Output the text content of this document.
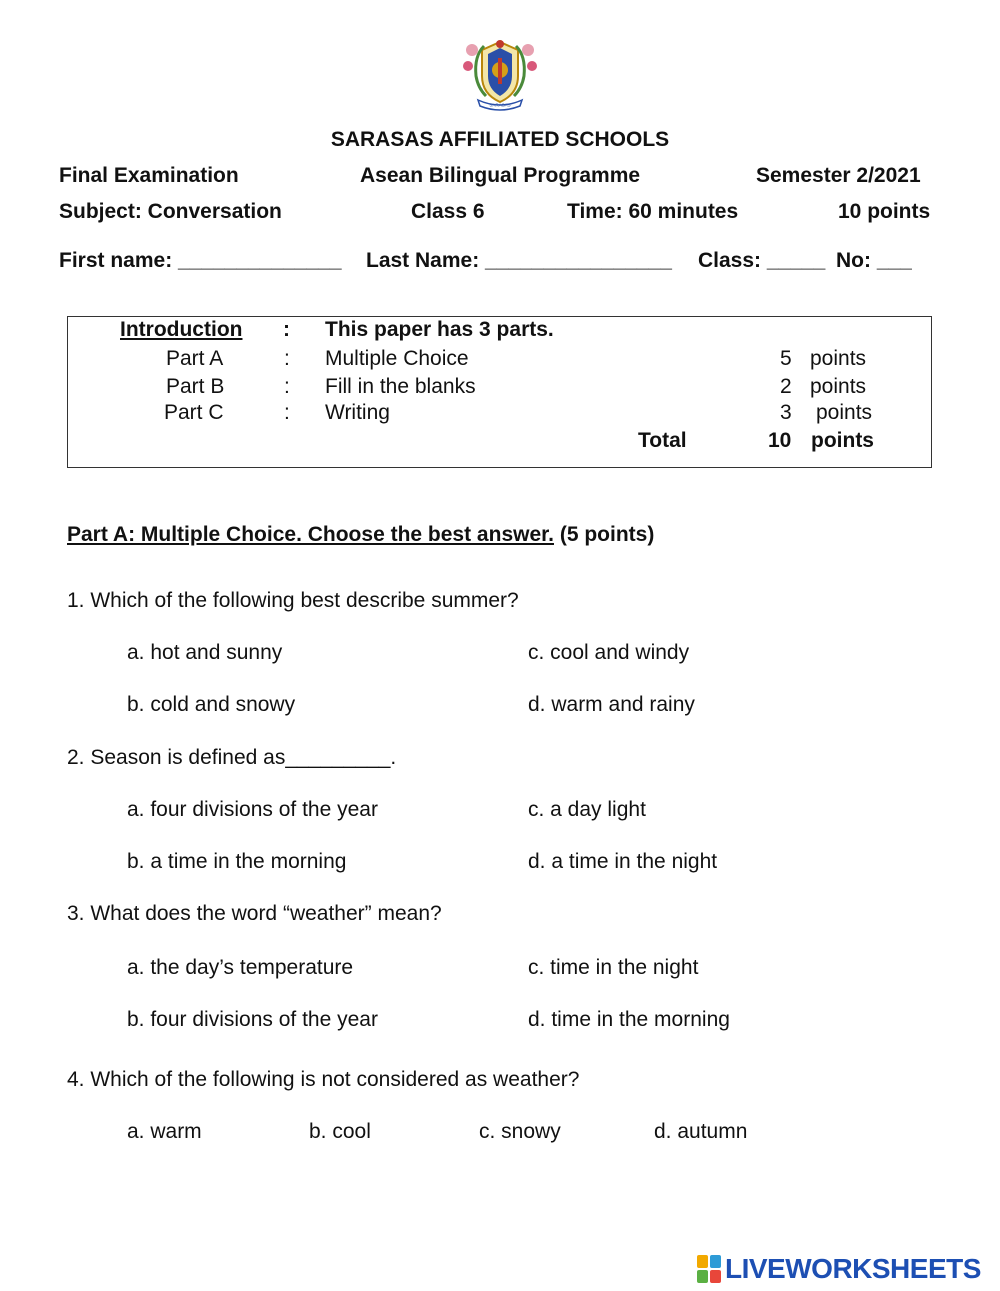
SARASAS
SARASAS AFFILIATED SCHOOLS
Final Examination	Asean Bilingual Programme	Semester 2/2021
Subject: Conversation	Class 6	Time: 60 minutes	10 points
First name: ______________ Last Name: ________________ Class: _____ No: ___
Introduction : This paper has 3 parts.
Part A	: Multiple Choice	5 points
Part B	: Fill in the blanks	2 points
Part C	: Writing	3 points
Total	10 points
Part A: Multiple Choice. Choose the best answer. (5 points)
1. Which of the following best describe summer?
a. hot and sunny	c. cool and windy
b. cold and snowy	d. warm and rainy
2. Season is defined as_________.
a. four divisions of the year	c. a day light
b. a time in the morning	d. a time in the night
3. What does the word “weather” mean?
a. the day’s temperature	c. time in the night
b. four divisions of the year	d. time in the morning
4. Which of the following is not considered as weather?
a. warm	b. cool	c. snowy	d. autumn
LIVEWORKSHEETS
